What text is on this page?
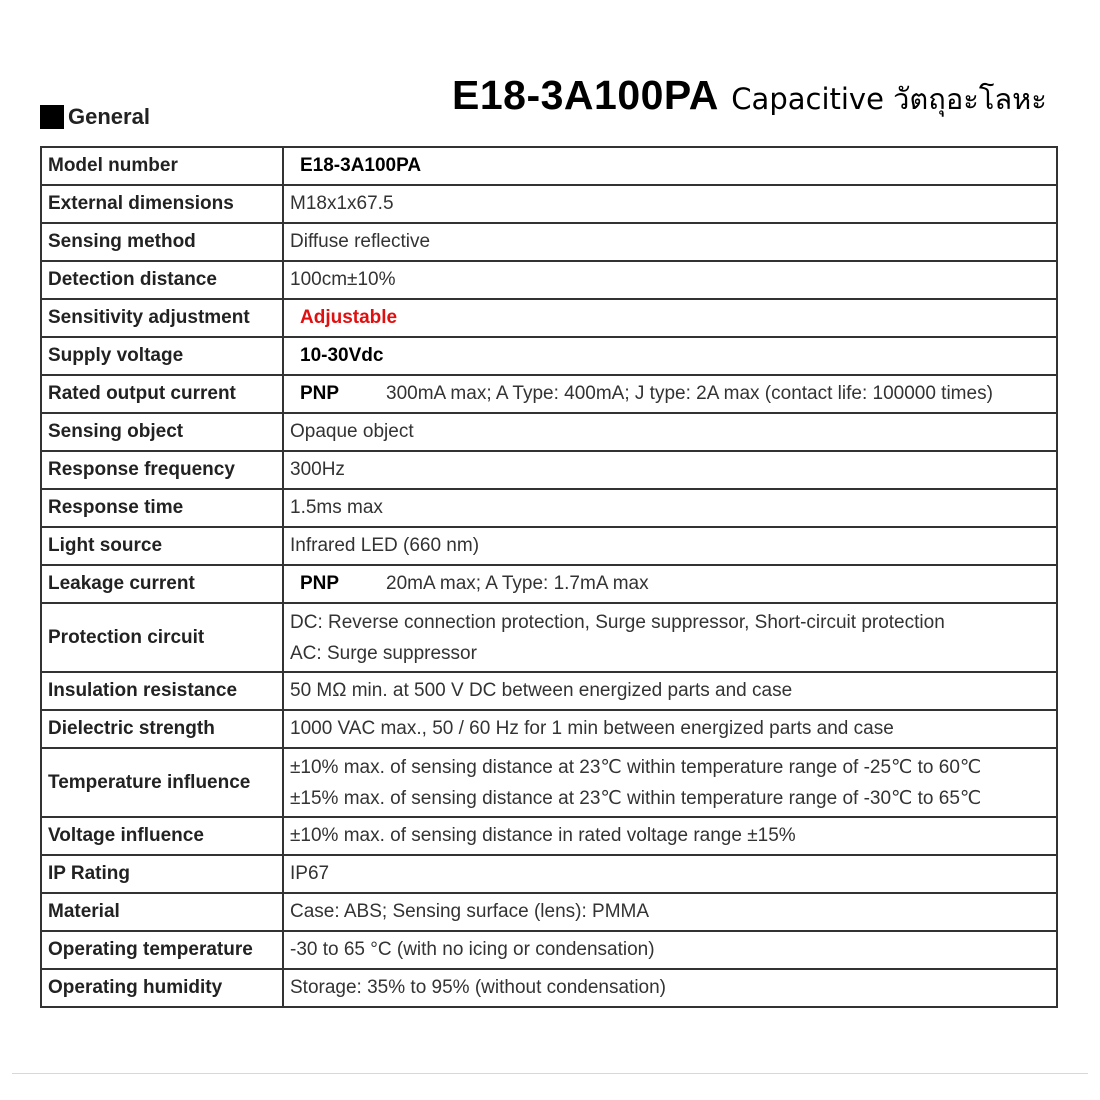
E18-3A100PA Capacitive วัตถุอะโลหะ
General
Model number	E18-3A100PA
External dimensions	M18x1x67.5
Sensing method	Diffuse reflective
Detection distance	100cm±10%
Sensitivity adjustment	Adjustable
Supply voltage	10-30Vdc
Rated output current	PNP 300mA max; A Type: 400mA; J type: 2A max (contact life: 100000 times)
Sensing object	Opaque object
Response frequency	300Hz
Response time	1.5ms max
Light source	Infrared LED (660 nm)
Leakage current	PNP 20mA max; A Type: 1.7mA max
Protection circuit	DC: Reverse connection protection, Surge suppressor, Short-circuit protection
AC: Surge suppressor

Insulation resistance	50 MΩ min. at 500 V DC between energized parts and case
Dielectric strength	1000 VAC max., 50 / 60 Hz for 1 min between energized parts and case
Temperature influence	±10% max. of sensing distance at 23℃ within temperature range of -25℃ to 60℃
±15% max. of sensing distance at 23℃ within temperature range of -30℃ to 65℃

Voltage influence	±10% max. of sensing distance in rated voltage range ±15%
IP Rating	IP67
Material	Case: ABS; Sensing surface (lens): PMMA
Operating temperature	-30 to 65 °C (with no icing or condensation)
Operating humidity	Storage: 35% to 95% (without condensation)
